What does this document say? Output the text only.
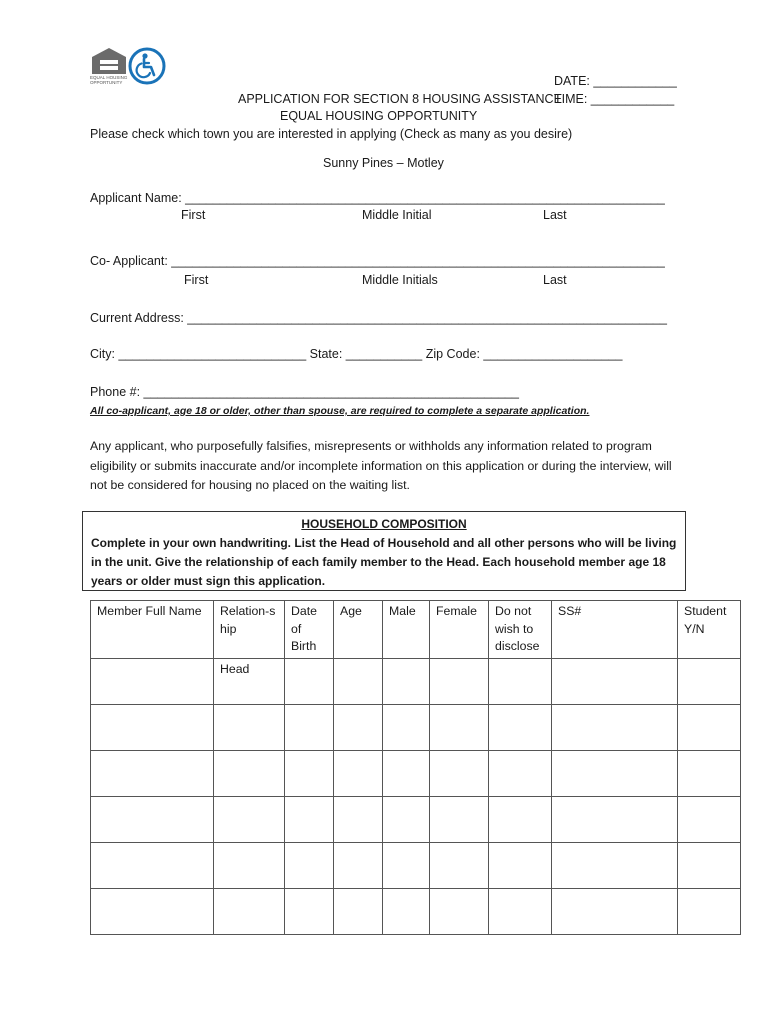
EQUAL HOUSING OPPORTUNITY	DATE: ____________
TIME: ____________
APPLICATION FOR SECTION 8 HOUSING ASSISTANCE
EQUAL HOUSING OPPORTUNITY
Please check which town you are interested in applying (Check as many as you desire)
Sunny Pines – Motley
Applicant Name: _____________________________________________________________________
First	Middle Initial	Last
Co- Applicant: _______________________________________________________________________
First	Middle Initials	Last
Current Address: _____________________________________________________________________
City: ___________________________ State: ___________ Zip Code: ____________________
Phone #: ______________________________________________________
All co-applicant, age 18 or older, other than spouse, are required to complete a separate application.
Any applicant, who purposefully falsifies, misrepresents or withholds any information related to program eligibility or submits inaccurate and/or incomplete information on this application or during the interview, will not be considered for housing no placed on the waiting list.
HOUSEHOLD COMPOSITION
Complete in your own handwriting. List the Head of Household and all other persons who will be living in the unit. Give the relationship of each family member to the Head. Each household member age 18 years or older must sign this application.
Member Full Name	Relation-ship	Date of Birth	Age	Male	Female	Do not wish to disclose	SS#	Student Y/N
	Head							
